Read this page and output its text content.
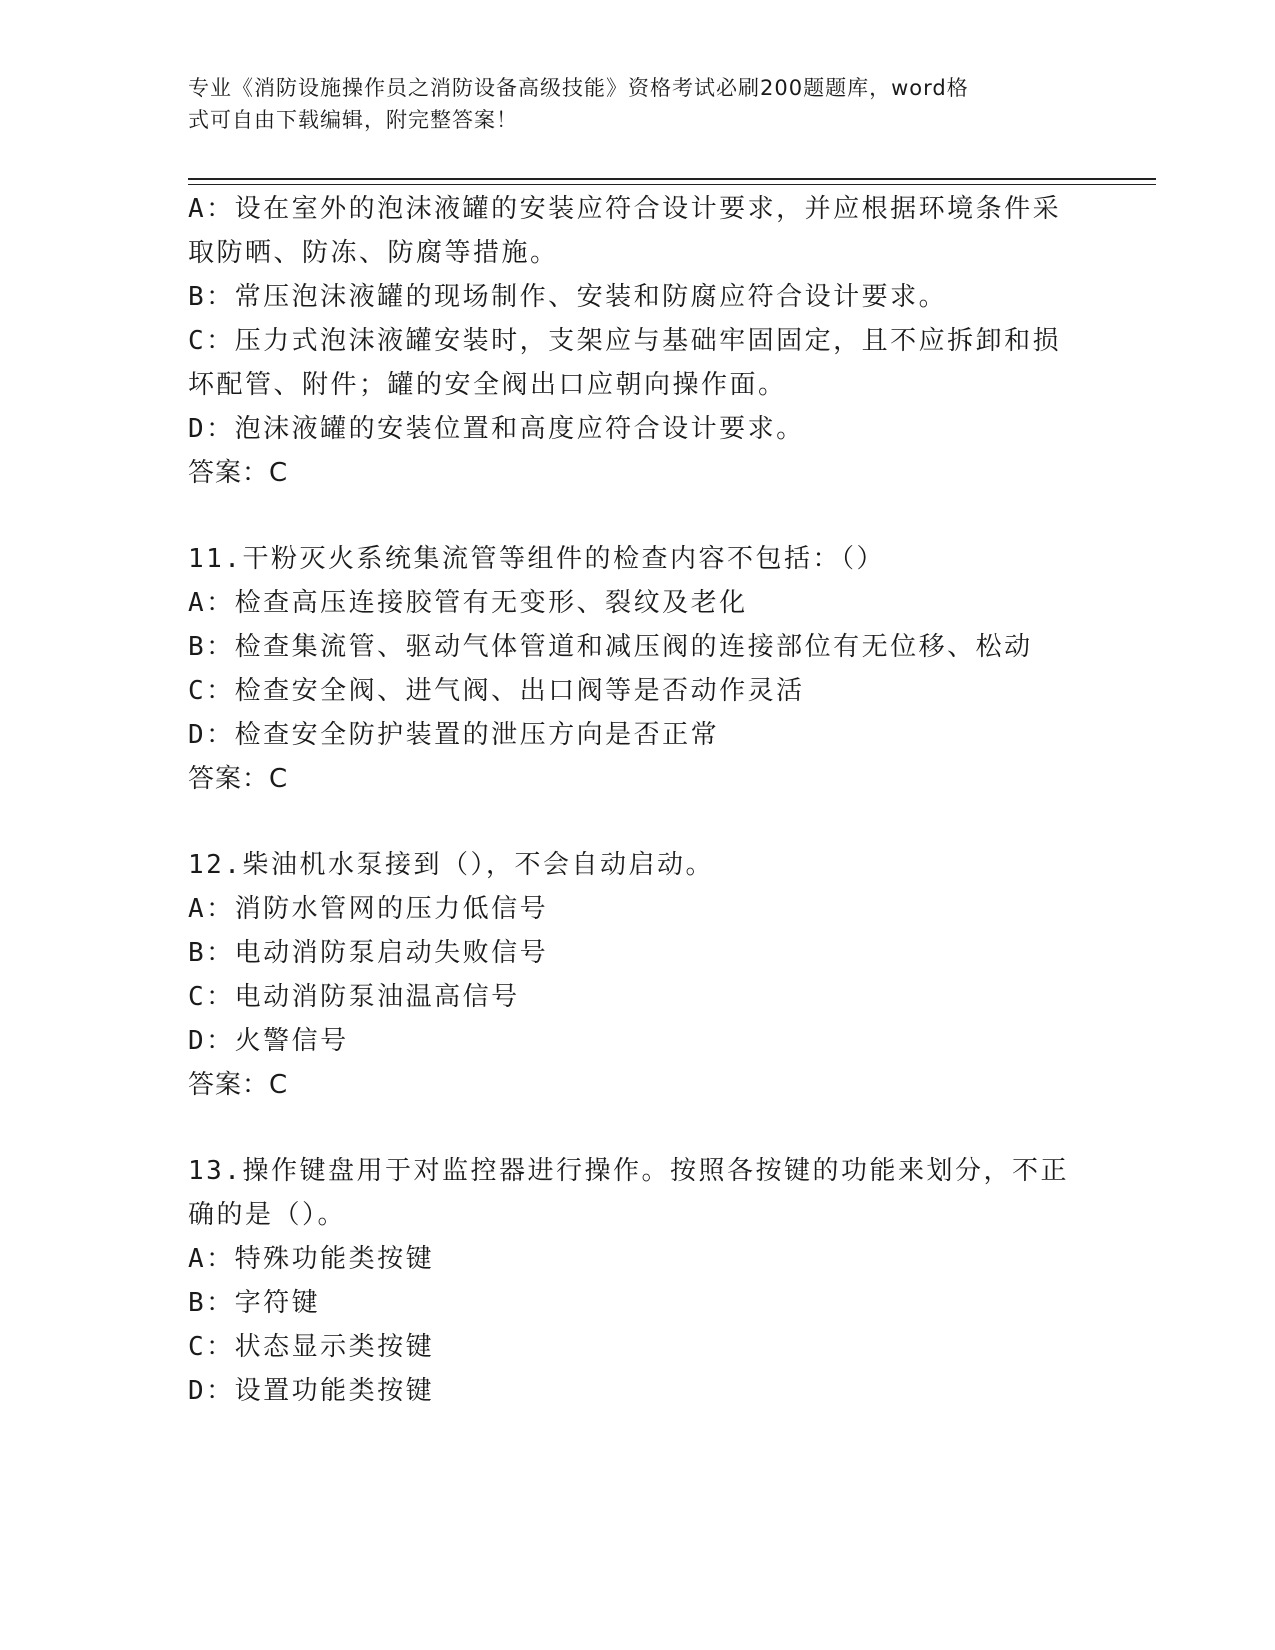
专业《消防设施操作员之消防设备高级技能》资格考试必刷200题题库，word格
式可自由下载编辑，附完整答案！
A：设在室外的泡沫液罐的安装应符合设计要求，并应根据环境条件采
取防晒、防冻、防腐等措施。
B：常压泡沫液罐的现场制作、安装和防腐应符合设计要求。
C：压力式泡沫液罐安装时，支架应与基础牢固固定，且不应拆卸和损
坏配管、附件；罐的安全阀出口应朝向操作面。
D：泡沫液罐的安装位置和高度应符合设计要求。
答案：C
11.干粉灭火系统集流管等组件的检查内容不包括：（）
A：检查高压连接胶管有无变形、裂纹及老化
B：检查集流管、驱动气体管道和减压阀的连接部位有无位移、松动
C：检查安全阀、进气阀、出口阀等是否动作灵活
D：检查安全防护装置的泄压方向是否正常
答案：C
12.柴油机水泵接到（），不会自动启动。
A：消防水管网的压力低信号
B：电动消防泵启动失败信号
C：电动消防泵油温高信号
D：火警信号
答案：C
13.操作键盘用于对监控器进行操作。按照各按键的功能来划分，不正
确的是（）。
A：特殊功能类按键
B：字符键
C：状态显示类按键
D：设置功能类按键
